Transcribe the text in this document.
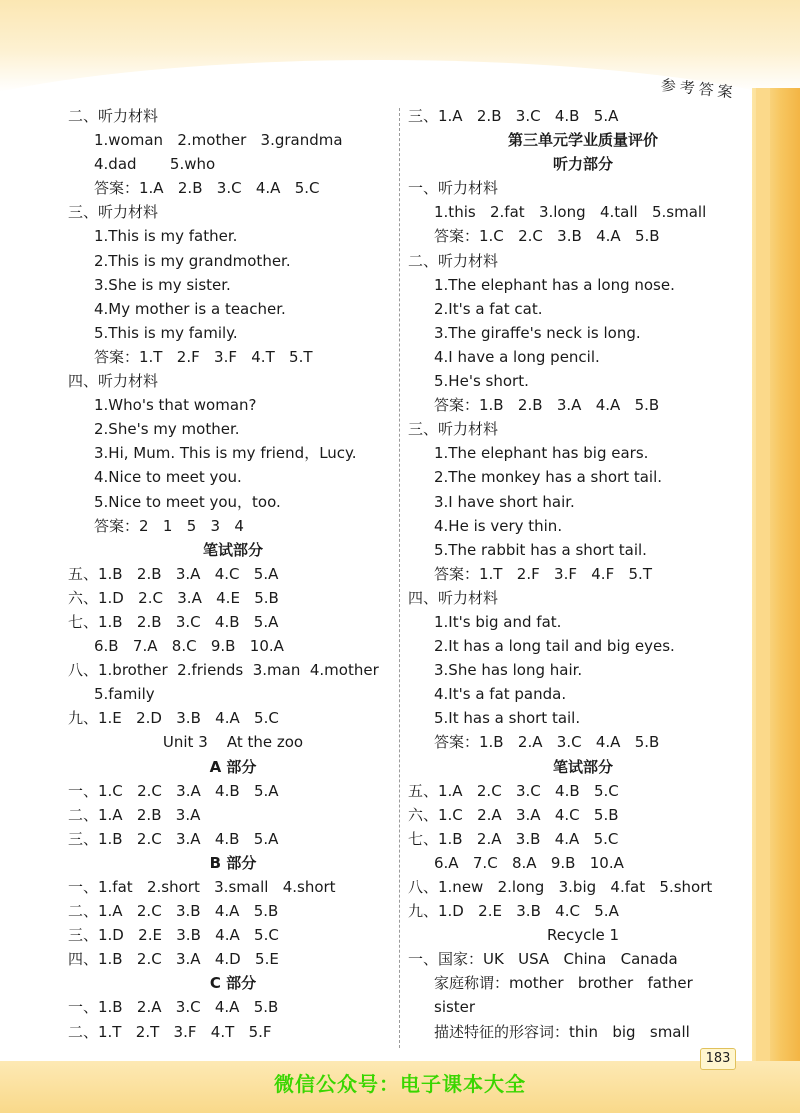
参考答案
二、听力材料
1.woman   2.mother   3.grandma
4.dad       5.who
答案：1.A   2.B   3.C   4.A   5.C
三、听力材料
1.This is my father.
2.This is my grandmother.
3.She is my sister.
4.My mother is a teacher.
5.This is my family.
答案：1.T   2.F   3.F   4.T   5.T
四、听力材料
1.Who's that woman?
2.She's my mother.
3.Hi, Mum. This is my friend，Lucy.
4.Nice to meet you.
5.Nice to meet you，too.
答案：2   1   5   3   4
笔试部分
五、1.B   2.B   3.A   4.C   5.A
六、1.D   2.C   3.A   4.E   5.B
七、1.B   2.B   3.C   4.B   5.A
6.B   7.A   8.C   9.B   10.A
八、1.brother  2.friends  3.man  4.mother
5.family
九、1.E   2.D   3.B   4.A   5.C
Unit 3    At the zoo
A 部分
一、1.C   2.C   3.A   4.B   5.A
二、1.A   2.B   3.A
三、1.B   2.C   3.A   4.B   5.A
B 部分
一、1.fat   2.short   3.small   4.short
二、1.A   2.C   3.B   4.A   5.B
三、1.D   2.E   3.B   4.A   5.C
四、1.B   2.C   3.A   4.D   5.E
C 部分
一、1.B   2.A   3.C   4.A   5.B
二、1.T   2.T   3.F   4.T   5.F
三、1.A   2.B   3.C   4.B   5.A
第三单元学业质量评价
听力部分
一、听力材料
1.this   2.fat   3.long   4.tall   5.small
答案：1.C   2.C   3.B   4.A   5.B
二、听力材料
1.The elephant has a long nose.
2.It's a fat cat.
3.The giraffe's neck is long.
4.I have a long pencil.
5.He's short.
答案：1.B   2.B   3.A   4.A   5.B
三、听力材料
1.The elephant has big ears.
2.The monkey has a short tail.
3.I have short hair.
4.He is very thin.
5.The rabbit has a short tail.
答案：1.T   2.F   3.F   4.F   5.T
四、听力材料
1.It's big and fat.
2.It has a long tail and big eyes.
3.She has long hair.
4.It's a fat panda.
5.It has a short tail.
答案：1.B   2.A   3.C   4.A   5.B
笔试部分
五、1.A   2.C   3.C   4.B   5.C
六、1.C   2.A   3.A   4.C   5.B
七、1.B   2.A   3.B   4.A   5.C
6.A   7.C   8.A   9.B   10.A
八、1.new   2.long   3.big   4.fat   5.short
九、1.D   2.E   3.B   4.C   5.A
Recycle 1
一、国家：UK   USA   China   Canada
家庭称谓：mother   brother   father
sister
描述特征的形容词：thin   big   small
183
微信公众号：电子课本大全
